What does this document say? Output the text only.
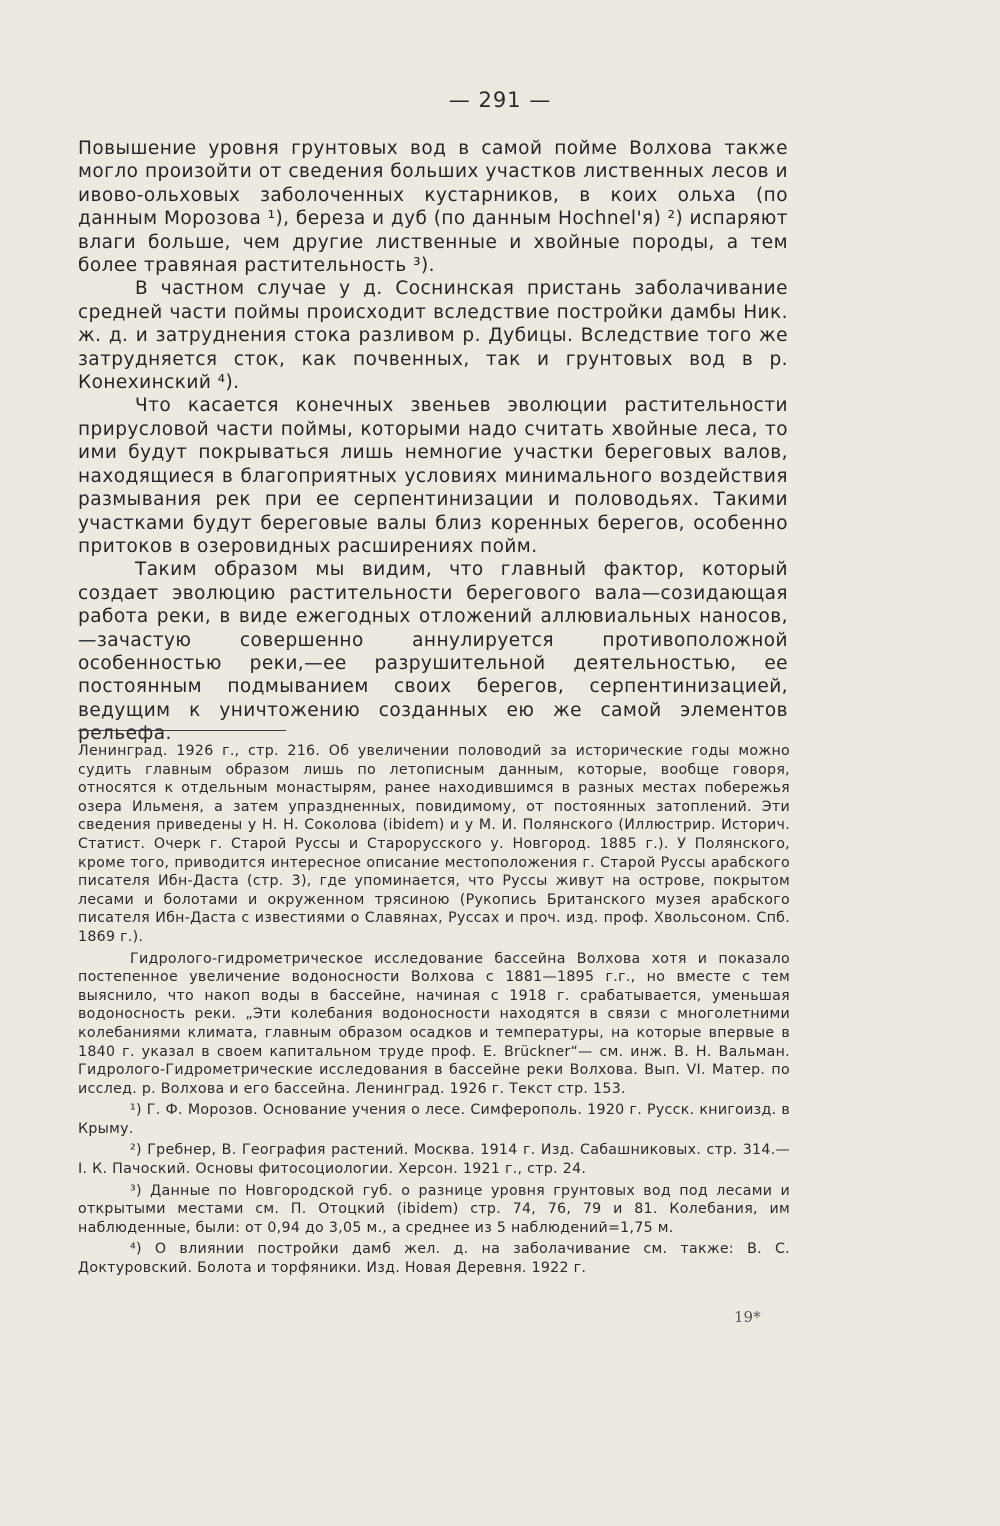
— 291 —

Повышение уровня грунтовых вод в самой пойме Волхова также могло произойти от сведения больших участков лиственных лесов и ивово-ольховых заболоченных кустарников, в коих ольха (по данным Морозова ¹), береза и дуб (по данным Hochnel'я) ²) испаряют влаги больше, чем другие лиственные и хвойные породы, а тем более травяная растительность ³).

В частном случае у д. Соснинская пристань заболачивание средней части поймы происходит вследствие постройки дамбы Ник. ж. д. и затруднения стока разливом р. Дубицы. Вследствие того же затрудняется сток, как почвенных, так и грунтовых вод в р. Конехинский ⁴).

Что касается конечных звеньев эволюции растительности прирусловой части поймы, которыми надо считать хвойные леса, то ими будут покрываться лишь немногие участки береговых валов, находящиеся в благоприятных условиях минимального воздействия размывания рек при ее серпентинизации и половодьях. Такими участками будут береговые валы близ коренных берегов, особенно притоков в озеровидных расширениях пойм.

Таким образом мы видим, что главный фактор, который создает эволюцию растительности берегового вала—созидающая работа реки, в виде ежегодных отложений аллювиальных наносов,—зачастую совершенно аннулируется противоположной особенностью реки,—ее разрушительной деятельностью, ее постоянным подмыванием своих берегов, серпентинизацией, ведущим к уничтожению созданных ею же самой элементов рельефа.

Ленинград. 1926 г., стр. 216. Об увеличении половодий за исторические годы можно судить главным образом лишь по летописным данным, которые, вообще говоря, относятся к отдельным монастырям, ранее находившимся в разных местах побережья озера Ильменя, а затем упраздненных, повидимому, от постоянных затоплений. Эти сведения приведены у Н. Н. Соколова (ibidem) и у М. И. Полянского (Иллюстрир. Историч. Статист. Очерк г. Старой Руссы и Старорусского у. Новгород. 1885 г.). У Полянского, кроме того, приводится интересное описание местоположения г. Старой Руссы арабского писателя Ибн-Даста (стр. 3), где упоминается, что Руссы живут на острове, покрытом лесами и болотами и окруженном трясиною (Рукопись Британского музея арабского писателя Ибн-Даста с известиями о Славянах, Руссах и проч. изд. проф. Хвольсоном. Спб. 1869 г.).

Гидролого-гидрометрическое исследование бассейна Волхова хотя и показало постепенное увеличение водоносности Волхова с 1881—1895 г.г., но вместе с тем выяснило, что накоп воды в бассейне, начиная с 1918 г. срабатывается, уменьшая водоносность реки. „Эти колебания водоносности находятся в связи с многолетними колебаниями климата, главным образом осадков и температуры, на которые впервые в 1840 г. указал в своем капитальном труде проф. E. Brückner“— см. инж. В. Н. Вальман. Гидролого-Гидрометрические исследования в бассейне реки Волхова. Вып. VI. Матер. по исслед. р. Волхова и его бассейна. Ленинград. 1926 г. Текст стр. 153.

¹) Г. Ф. Морозов. Основание учения о лесе. Симферополь. 1920 г. Русск. книгоизд. в Крыму.

²) Гребнер, В. География растений. Москва. 1914 г. Изд. Сабашниковых. стр. 314.—I. К. Пачоский. Основы фитосоциологии. Херсон. 1921 г., стр. 24.

³) Данные по Новгородской губ. о разнице уровня грунтовых вод под лесами и открытыми местами см. П. Отоцкий (ibidem) стр. 74, 76, 79 и 81. Колебания, им наблюденные, были: от 0,94 до 3,05 м., а среднее из 5 наблюдений=1,75 м.

⁴) О влиянии постройки дамб жел. д. на заболачивание см. также: В. С. Доктуровский. Болота и торфяники. Изд. Новая Деревня. 1922 г.

19*
